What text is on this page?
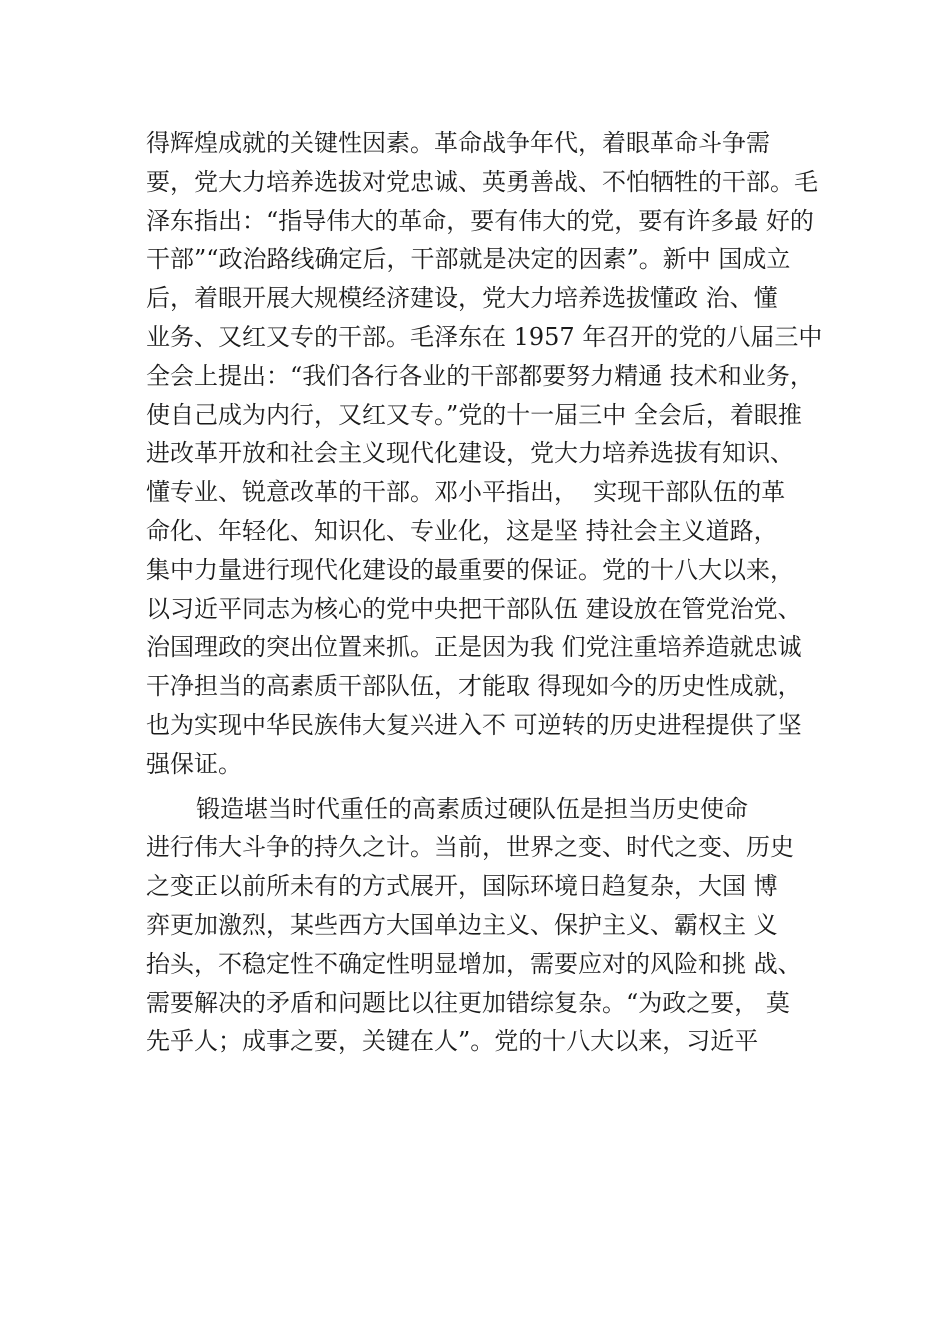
得辉煌成就的关键性因素。革命战争年代，着眼革命斗争需
要，党大力培养选拔对党忠诚、英勇善战、不怕牺牲的干部。毛
泽东指出：“指导伟大的革命，要有伟大的党，要有许多最 好的
干部”“政治路线确定后，干部就是决定的因素”。新中 国成立
后，着眼开展大规模经济建设，党大力培养选拔懂政 治、懂
业务、又红又专的干部。毛泽东在 1957 年召开的党的八届三中
全会上提出：“我们各行各业的干部都要努力精通 技术和业务，
使自己成为内行，又红又专。”党的十一届三中 全会后，着眼推
进改革开放和社会主义现代化建设，党大力培养选拔有知识、
懂专业、锐意改革的干部。邓小平指出，  实现干部队伍的革
命化、年轻化、知识化、专业化，这是坚 持社会主义道路，
集中力量进行现代化建设的最重要的保证。党的十八大以来，
以习近平同志为核心的党中央把干部队伍 建设放在管党治党、
治国理政的突出位置来抓。正是因为我 们党注重培养造就忠诚
干净担当的高素质干部队伍，才能取 得现如今的历史性成就，
也为实现中华民族伟大复兴进入不 可逆转的历史进程提供了坚
强保证。
锻造堪当时代重任的高素质过硬队伍是担当历史使命
进行伟大斗争的持久之计。当前，世界之变、时代之变、历史
之变正以前所未有的方式展开，国际环境日趋复杂，大国 博
弈更加激烈，某些西方大国单边主义、保护主义、霸权主 义
抬头，不稳定性不确定性明显增加，需要应对的风险和挑 战、
需要解决的矛盾和问题比以往更加错综复杂。“为政之要， 莫
先乎人；成事之要，关键在人”。党的十八大以来，习近平
